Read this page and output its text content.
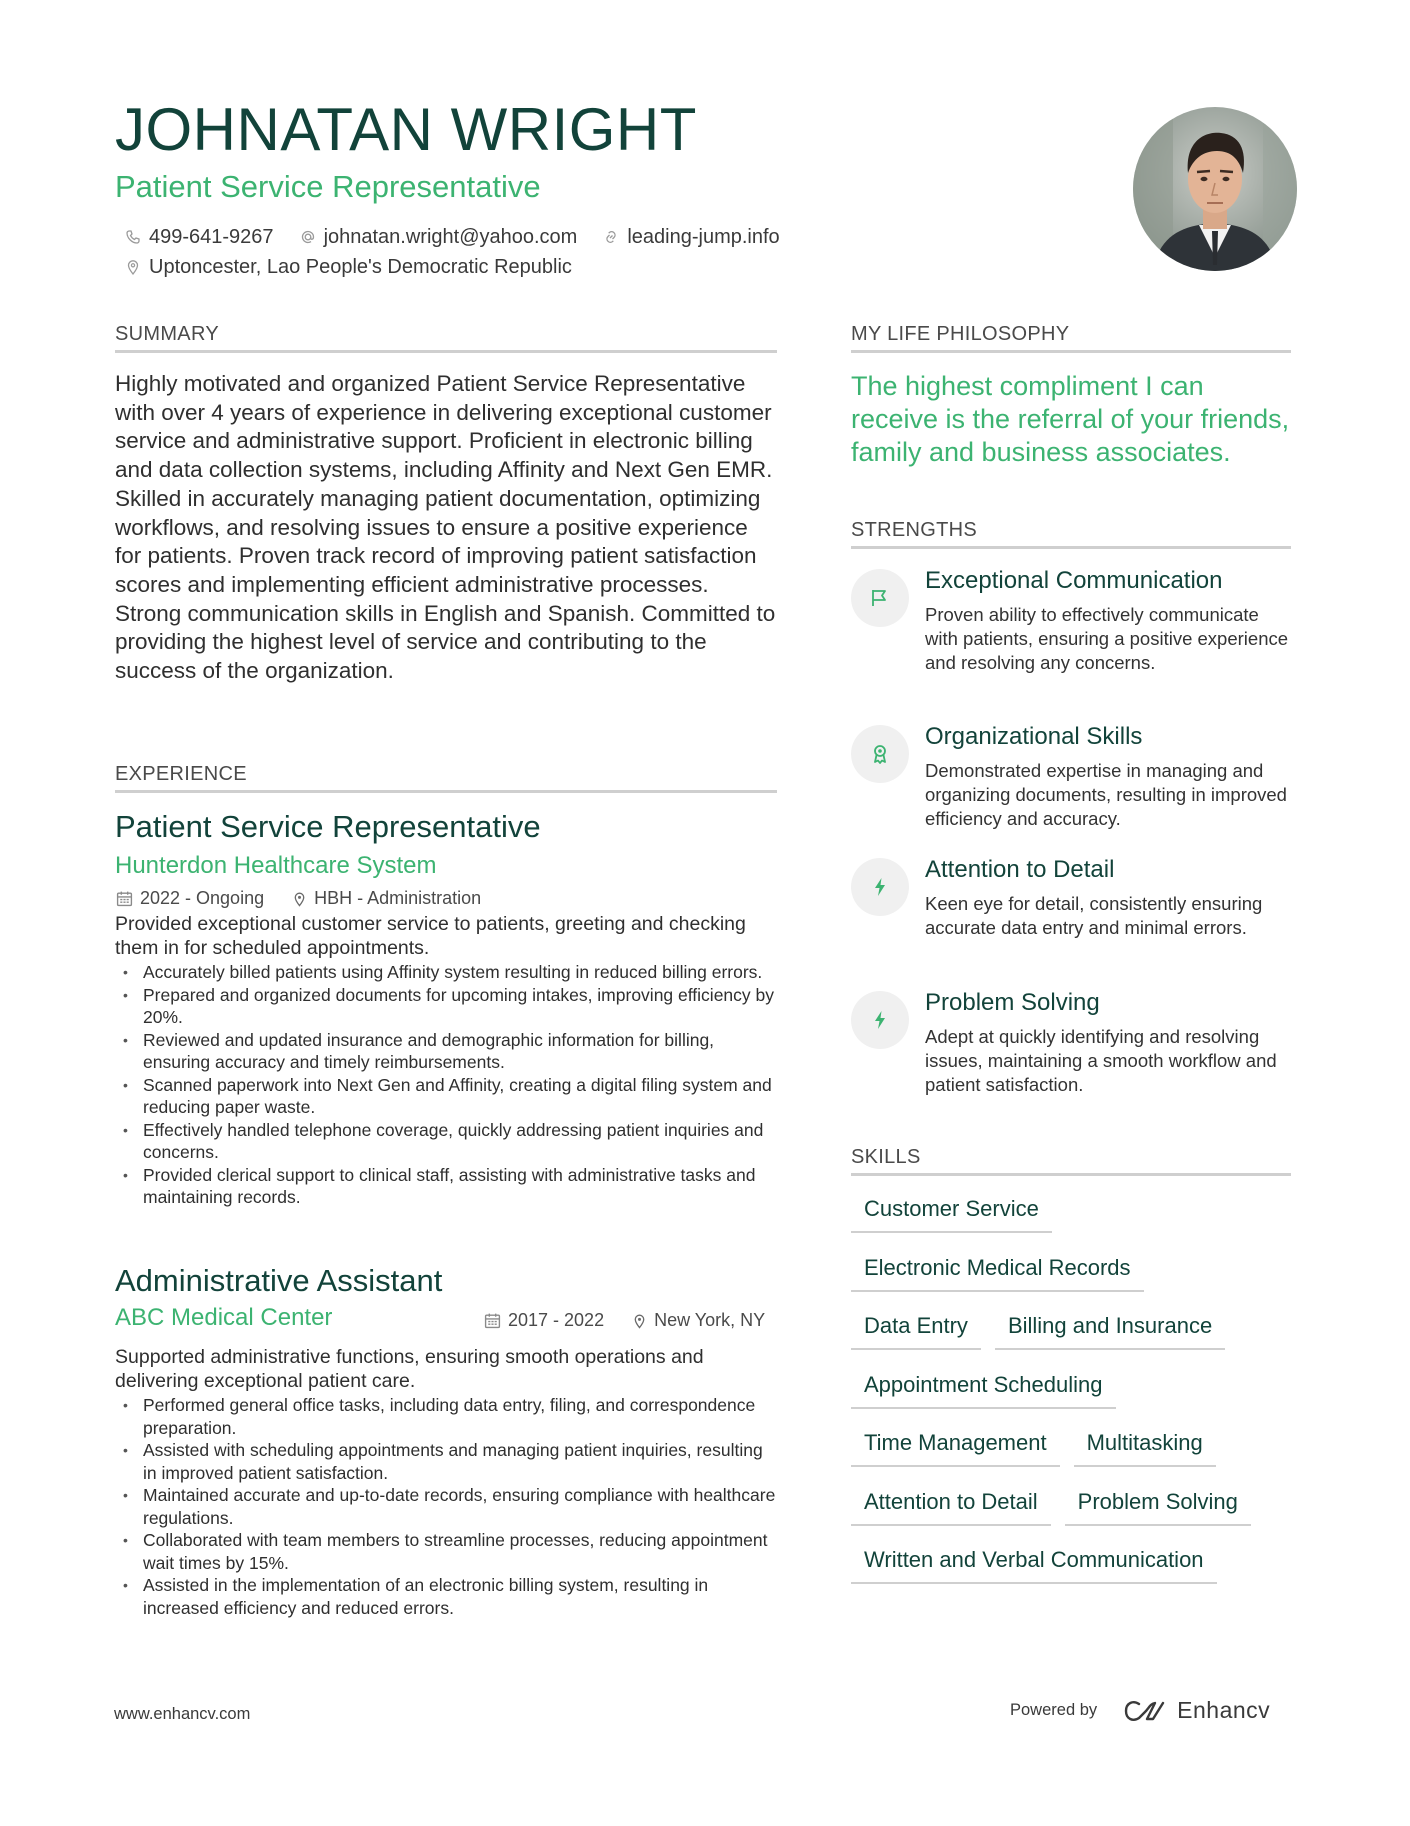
JOHNATAN WRIGHT
Patient Service Representative
499-641-9267	johnatan.wright@yahoo.com	leading-jump.info
Uptoncester, Lao People's Democratic Republic
SUMMARY
Highly motivated and organized Patient Service Representative with over 4 years of experience in delivering exceptional customer service and administrative support. Proficient in electronic billing and data collection systems, including Affinity and Next Gen EMR. Skilled in accurately managing patient documentation, optimizing workflows, and resolving issues to ensure a positive experience for patients. Proven track record of improving patient satisfaction scores and implementing efficient administrative processes. Strong communication skills in English and Spanish. Committed to providing the highest level of service and contributing to the success of the organization.
EXPERIENCE
Patient Service Representative
Hunterdon Healthcare System
2022 - Ongoing	HBH - Administration
Provided exceptional customer service to patients, greeting and checking them in for scheduled appointments.
• Accurately billed patients using Affinity system resulting in reduced billing errors.
• Prepared and organized documents for upcoming intakes, improving efficiency by 20%.
• Reviewed and updated insurance and demographic information for billing, ensuring accuracy and timely reimbursements.
• Scanned paperwork into Next Gen and Affinity, creating a digital filing system and reducing paper waste.
• Effectively handled telephone coverage, quickly addressing patient inquiries and concerns.
• Provided clerical support to clinical staff, assisting with administrative tasks and maintaining records.
Administrative Assistant
ABC Medical Center	2017 - 2022	New York, NY
Supported administrative functions, ensuring smooth operations and delivering exceptional patient care.
• Performed general office tasks, including data entry, filing, and correspondence preparation.
• Assisted with scheduling appointments and managing patient inquiries, resulting in improved patient satisfaction.
• Maintained accurate and up-to-date records, ensuring compliance with healthcare regulations.
• Collaborated with team members to streamline processes, reducing appointment wait times by 15%.
• Assisted in the implementation of an electronic billing system, resulting in increased efficiency and reduced errors.
MY LIFE PHILOSOPHY
The highest compliment I can receive is the referral of your friends, family and business associates.
STRENGTHS
Exceptional Communication
Proven ability to effectively communicate with patients, ensuring a positive experience and resolving any concerns.
Organizational Skills
Demonstrated expertise in managing and organizing documents, resulting in improved efficiency and accuracy.
Attention to Detail
Keen eye for detail, consistently ensuring accurate data entry and minimal errors.
Problem Solving
Adept at quickly identifying and resolving issues, maintaining a smooth workflow and patient satisfaction.
SKILLS
Customer Service
Electronic Medical Records
Data Entry	Billing and Insurance
Appointment Scheduling
Time Management	Multitasking
Attention to Detail	Problem Solving
Written and Verbal Communication
www.enhancv.com	Powered by	Enhancv
